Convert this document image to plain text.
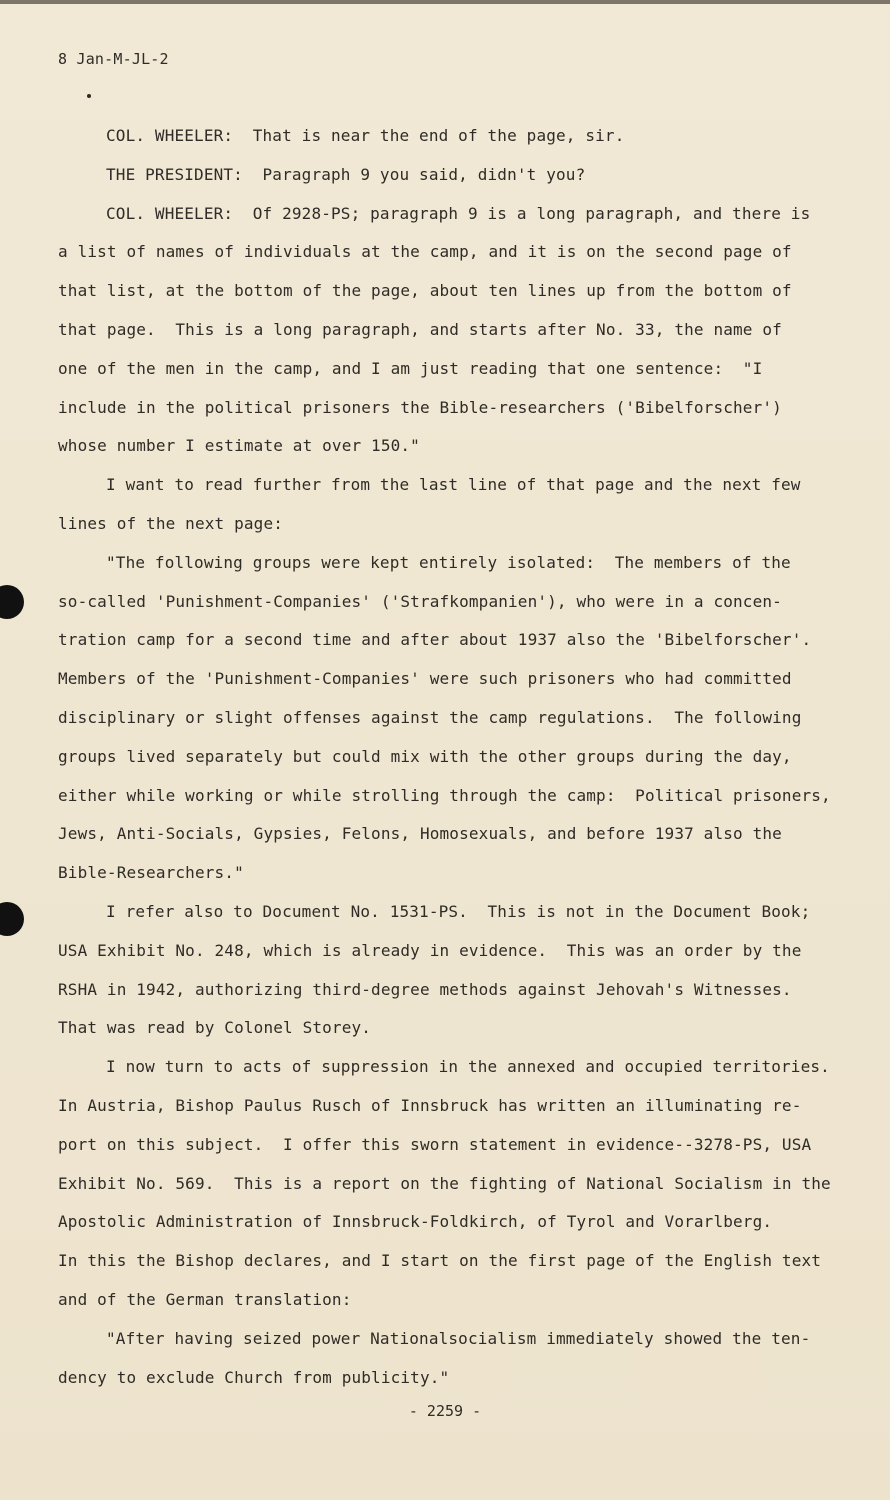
8 Jan-M-JL-2
COL. WHEELER:  That is near the end of the page, sir.
THE PRESIDENT:  Paragraph 9 you said, didn't you?
COL. WHEELER:  Of 2928-PS; paragraph 9 is a long paragraph, and there is
a list of names of individuals at the camp, and it is on the second page of
that list, at the bottom of the page, about ten lines up from the bottom of
that page.  This is a long paragraph, and starts after No. 33, the name of
one of the men in the camp, and I am just reading that one sentence:  "I
include in the political prisoners the Bible-researchers ('Bibelforscher')
whose number I estimate at over 150."
I want to read further from the last line of that page and the next few
lines of the next page:
"The following groups were kept entirely isolated:  The members of the
so-called 'Punishment-Companies' ('Strafkompanien'), who were in a concen-
tration camp for a second time and after about 1937 also the 'Bibelforscher'.
Members of the 'Punishment-Companies' were such prisoners who had committed
disciplinary or slight offenses against the camp regulations.  The following
groups lived separately but could mix with the other groups during the day,
either while working or while strolling through the camp:  Political prisoners,
Jews, Anti-Socials, Gypsies, Felons, Homosexuals, and before 1937 also the
Bible-Researchers."
I refer also to Document No. 1531-PS.  This is not in the Document Book;
USA Exhibit No. 248, which is already in evidence.  This was an order by the
RSHA in 1942, authorizing third-degree methods against Jehovah's Witnesses.
That was read by Colonel Storey.
I now turn to acts of suppression in the annexed and occupied territories.
In Austria, Bishop Paulus Rusch of Innsbruck has written an illuminating re-
port on this subject.  I offer this sworn statement in evidence--3278-PS, USA
Exhibit No. 569.  This is a report on the fighting of National Socialism in the
Apostolic Administration of Innsbruck-Foldkirch, of Tyrol and Vorarlberg.
In this the Bishop declares, and I start on the first page of the English text
and of the German translation:
"After having seized power Nationalsocialism immediately showed the ten-
dency to exclude Church from publicity."
- 2259 -
